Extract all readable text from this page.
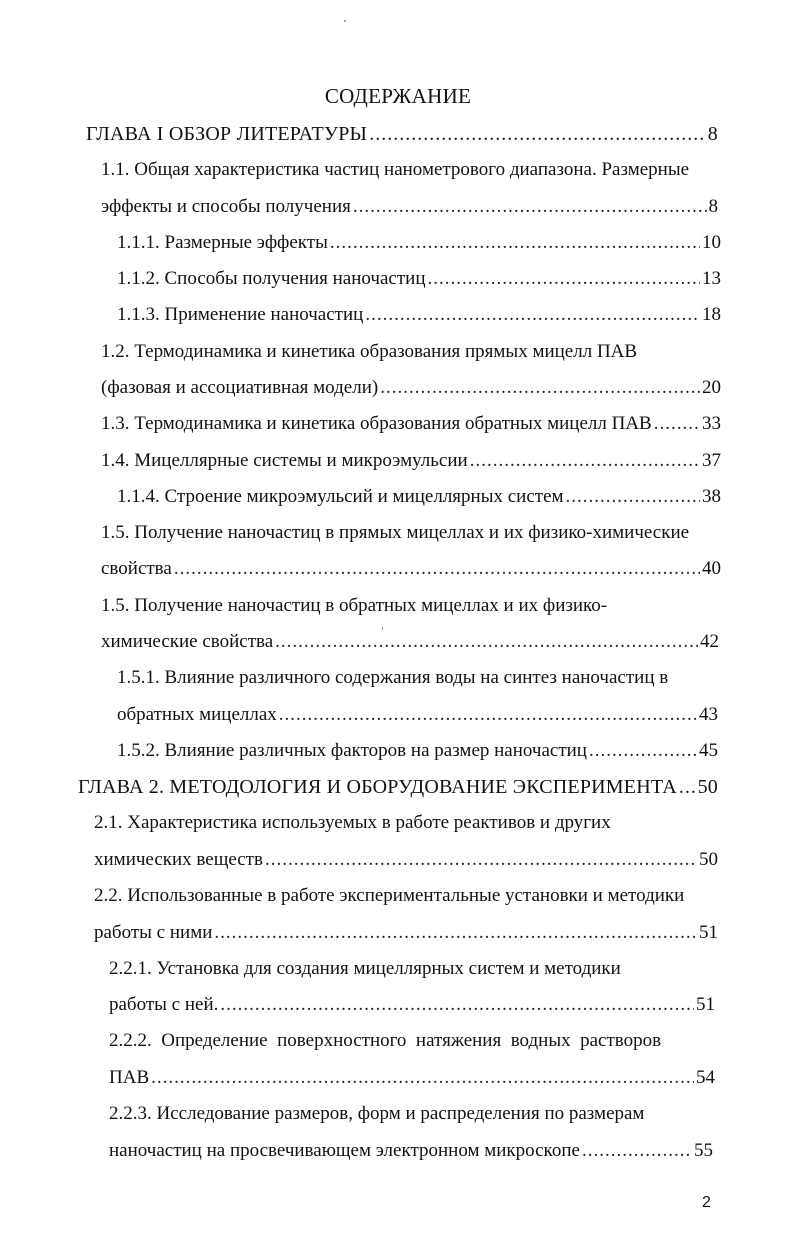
СОДЕРЖАНИЕ
ГЛАВА I ОБЗОР ЛИТЕРАТУРЫ .....	8
1.1. Общая характеристика частиц нанометрового диапазона. Размерные
эффекты и способы получения .....	8
1.1.1. Размерные эффекты .....	10
1.1.2. Способы получения наночастиц .....	13
1.1.3. Применение наночастиц .....	18
1.2. Термодинамика и кинетика образования прямых мицелл ПАВ
(фазовая и ассоциативная модели) .....	20
1.3. Термодинамика и кинетика образования обратных мицелл ПАВ .....	33
1.4. Мицеллярные системы и микроэмульсии .....	37
1.1.4. Строение микроэмульсий и мицеллярных систем .....	38
1.5. Получение наночастиц в прямых мицеллах и их физико-химические
свойства .....	40
1.5. Получение наночастиц в обратных мицеллах и их физико-
химические свойства .....	42
1.5.1. Влияние различного содержания воды на синтез наночастиц в
обратных мицеллах .....	43
1.5.2. Влияние различных факторов на размер наночастиц .....	45
ГЛАВА 2. МЕТОДОЛОГИЯ И ОБОРУДОВАНИЕ ЭКСПЕРИМЕНТА ..... 50
2.1. Характеристика используемых в работе реактивов и других
химических веществ .....	50
2.2. Использованные в работе экспериментальные установки и методики
работы с ними .....	51
2.2.1. Установка для создания мицеллярных систем и методики
работы с ней. .....	51
2.2.2.  Определение  поверхностного  натяжения  водных  растворов
ПАВ .....	54
2.2.3. Исследование размеров, форм и распределения по размерам
наночастиц на просвечивающем электронном микроскопе .....	55
2
